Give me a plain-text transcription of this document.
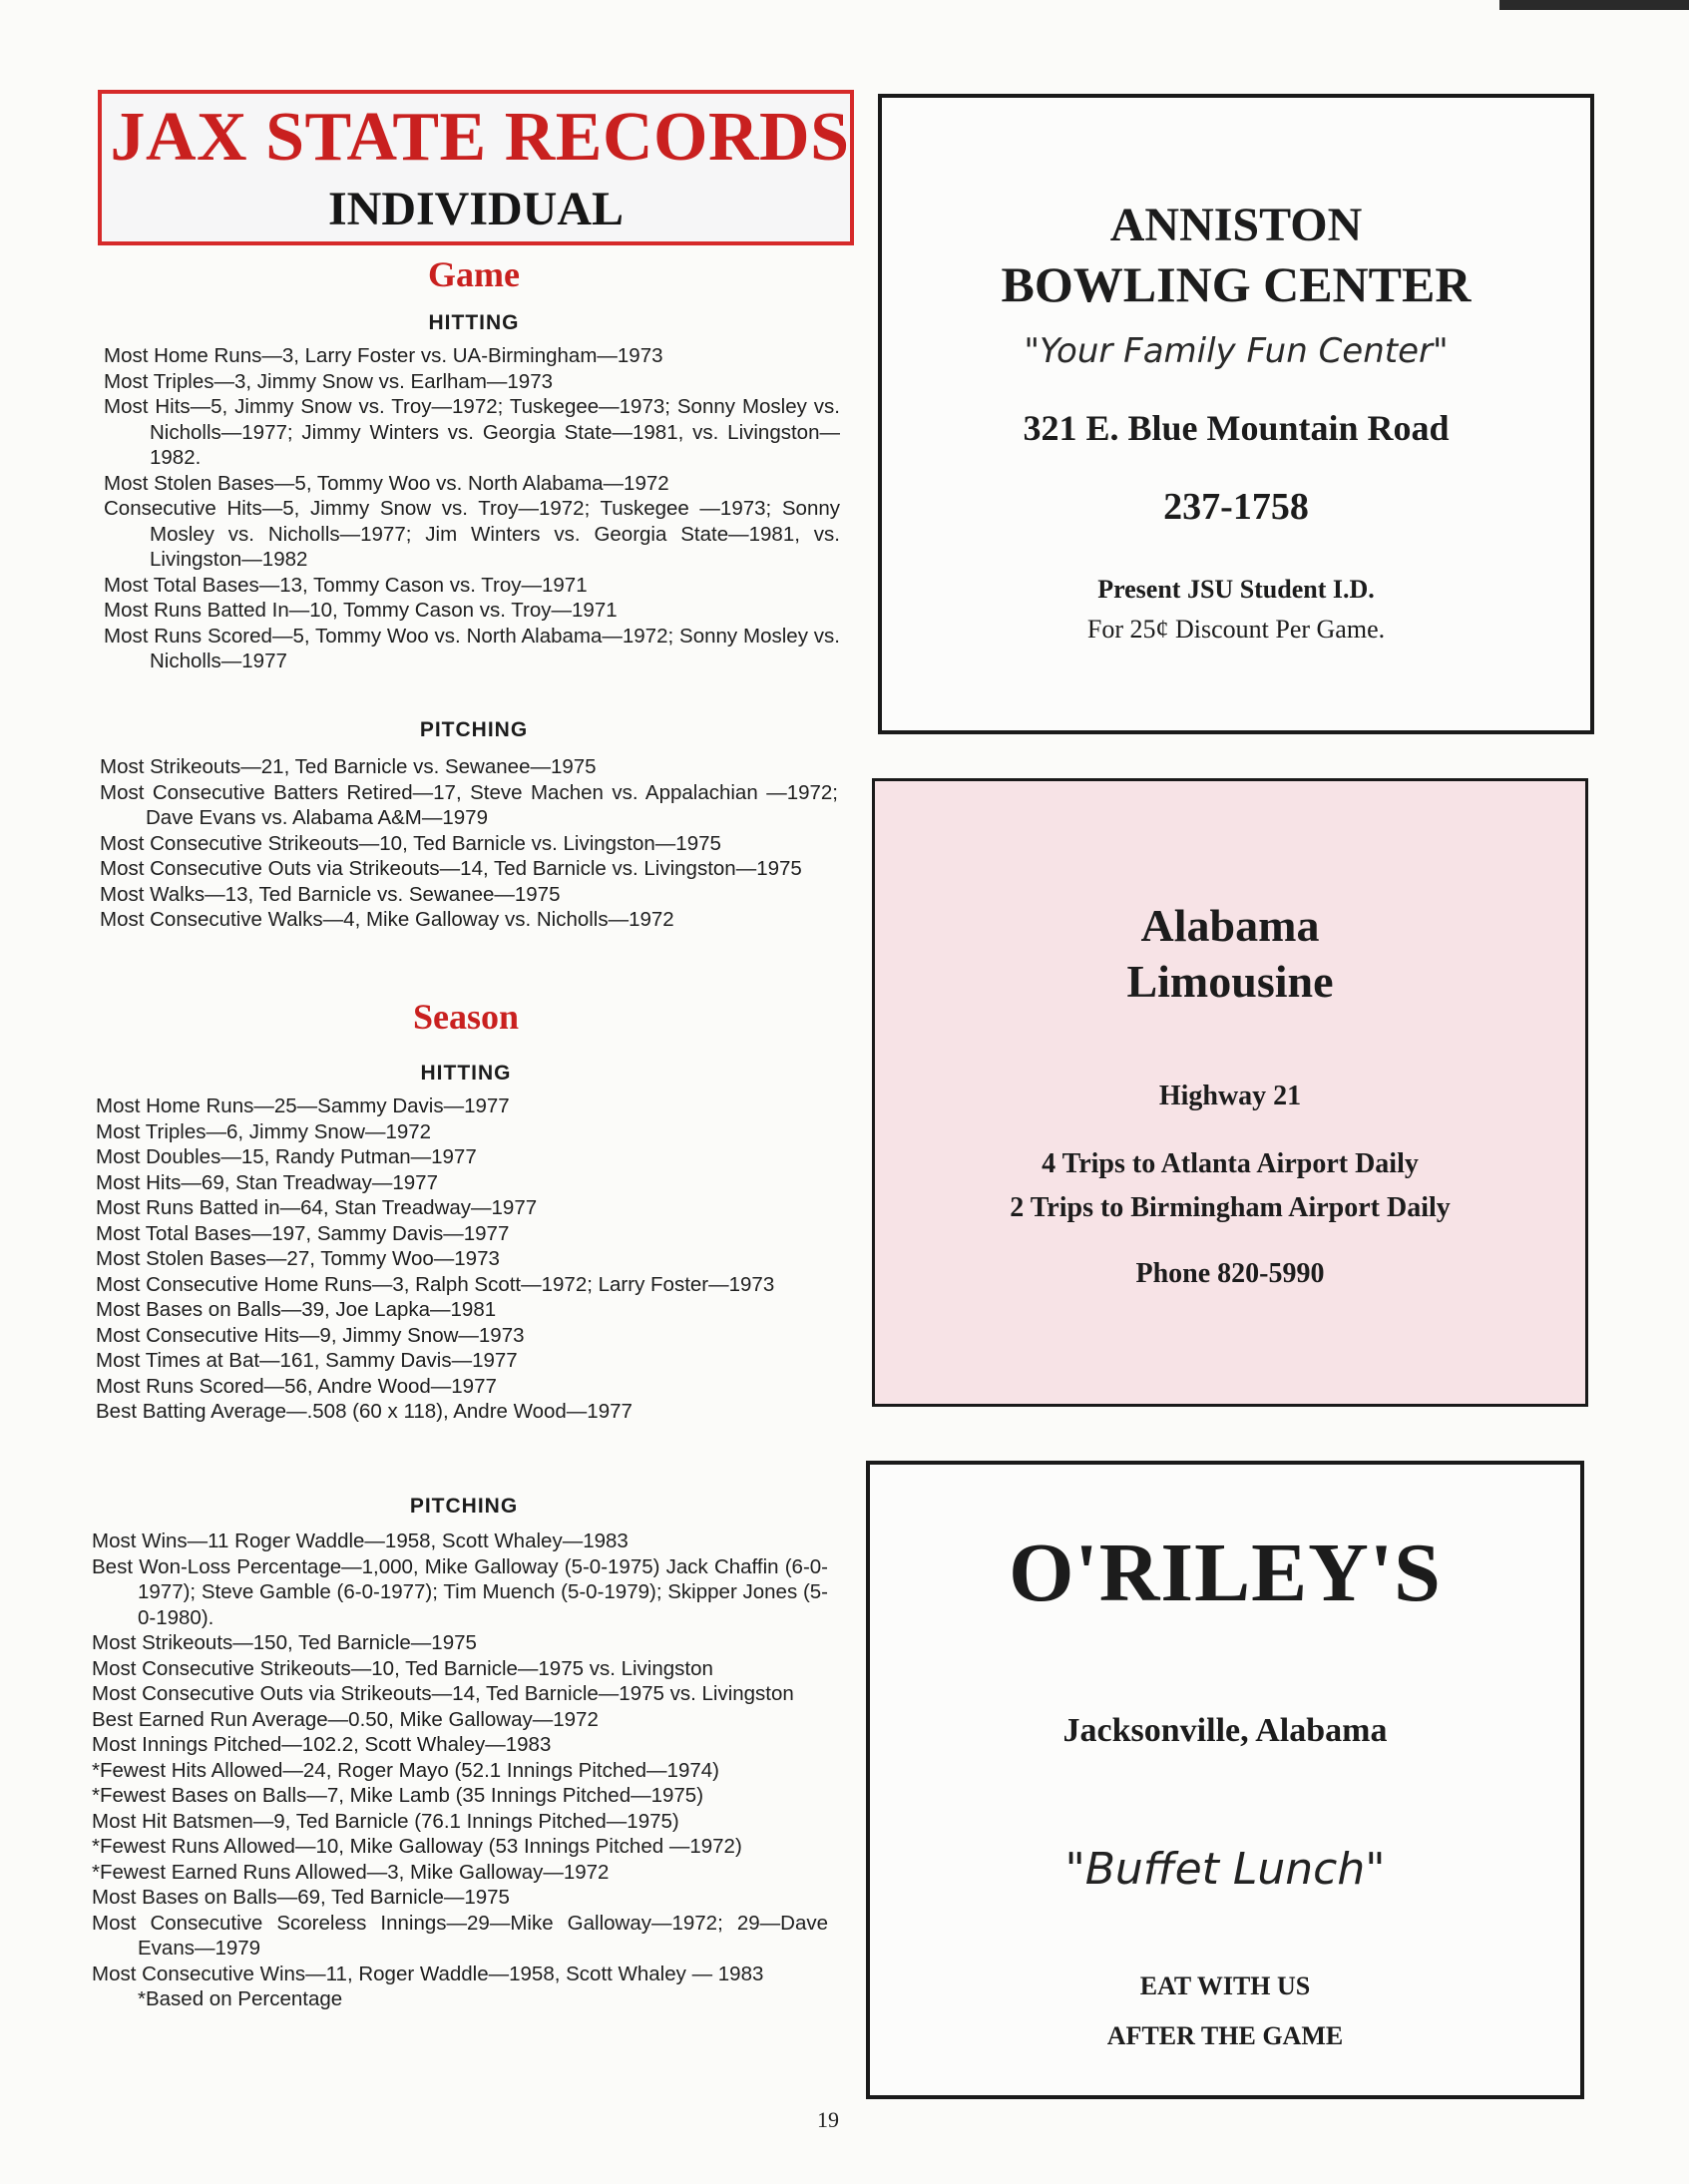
JAX STATE RECORDS
INDIVIDUAL
Game
HITTING

Most Home Runs—3, Larry Foster vs. UA-Birmingham—1973

Most Triples—3, Jimmy Snow vs. Earlham—1973

Most Hits—5, Jimmy Snow vs. Troy—1972; Tuskegee—1973; Sonny Mosley vs. Nicholls—1977; Jimmy Winters vs. Georgia State—1981, vs. Livingston—1982.

Most Stolen Bases—5, Tommy Woo vs. North Alabama—1972

Consecutive Hits—5, Jimmy Snow vs. Troy—1972; Tuskegee —1973; Sonny Mosley vs. Nicholls—1977; Jim Winters vs. Georgia State—1981, vs. Livingston—1982

Most Total Bases—13, Tommy Cason vs. Troy—1971

Most Runs Batted In—10, Tommy Cason vs. Troy—1971

Most Runs Scored—5, Tommy Woo vs. North Alabama—1972; Sonny Mosley vs. Nicholls—1977

PITCHING

Most Strikeouts—21, Ted Barnicle vs. Sewanee—1975

Most Consecutive Batters Retired—17, Steve Machen vs. Appalachian —1972; Dave Evans vs. Alabama A&M—1979

Most Consecutive Strikeouts—10, Ted Barnicle vs. Livingston—1975

Most Consecutive Outs via Strikeouts—14, Ted Barnicle vs. Livingston—1975

Most Walks—13, Ted Barnicle vs. Sewanee—1975

Most Consecutive Walks—4, Mike Galloway vs. Nicholls—1972

Season
HITTING

Most Home Runs—25—Sammy Davis—1977

Most Triples—6, Jimmy Snow—1972

Most Doubles—15, Randy Putman—1977

Most Hits—69, Stan Treadway—1977

Most Runs Batted in—64, Stan Treadway—1977

Most Total Bases—197, Sammy Davis—1977

Most Stolen Bases—27, Tommy Woo—1973

Most Consecutive Home Runs—3, Ralph Scott—1972; Larry Foster—1973

Most Bases on Balls—39, Joe Lapka—1981

Most Consecutive Hits—9, Jimmy Snow—1973

Most Times at Bat—161, Sammy Davis—1977

Most Runs Scored—56, Andre Wood—1977

Best Batting Average—.508 (60 x 118), Andre Wood—1977

PITCHING

Most Wins—11 Roger Waddle—1958, Scott Whaley—1983

Best Won-Loss Percentage—1,000, Mike Galloway (5-0-1975) Jack Chaffin (6-0-1977); Steve Gamble (6-0-1977); Tim Muench (5-0-1979); Skipper Jones (5-0-1980).

Most Strikeouts—150, Ted Barnicle—1975

Most Consecutive Strikeouts—10, Ted Barnicle—1975 vs. Livingston

Most Consecutive Outs via Strikeouts—14, Ted Barnicle—1975 vs. Livingston

Best Earned Run Average—0.50, Mike Galloway—1972

Most Innings Pitched—102.2, Scott Whaley—1983

*Fewest Hits Allowed—24, Roger Mayo (52.1 Innings Pitched—1974)

*Fewest Bases on Balls—7, Mike Lamb (35 Innings Pitched—1975)

Most Hit Batsmen—9, Ted Barnicle (76.1 Innings Pitched—1975)

*Fewest Runs Allowed—10, Mike Galloway (53 Innings Pitched —1972)

*Fewest Earned Runs Allowed—3, Mike Galloway—1972

Most Bases on Balls—69, Ted Barnicle—1975

Most Consecutive Scoreless Innings—29—Mike Galloway—1972; 29—Dave Evans—1979

Most Consecutive Wins—11, Roger Waddle—1958, Scott Whaley — 1983

*Based on Percentage

ANNISTON
BOWLING CENTER
"Your Family Fun Center"
321 E. Blue Mountain Road
237-1758
Present JSU Student I.D.
For 25¢ Discount Per Game.
Alabama
Limousine
Highway 21
4 Trips to Atlanta Airport Daily
2 Trips to Birmingham Airport Daily
Phone 820-5990
O'RILEY'S
Jacksonville, Alabama
"Buffet Lunch"
EAT WITH US
AFTER THE GAME
19
